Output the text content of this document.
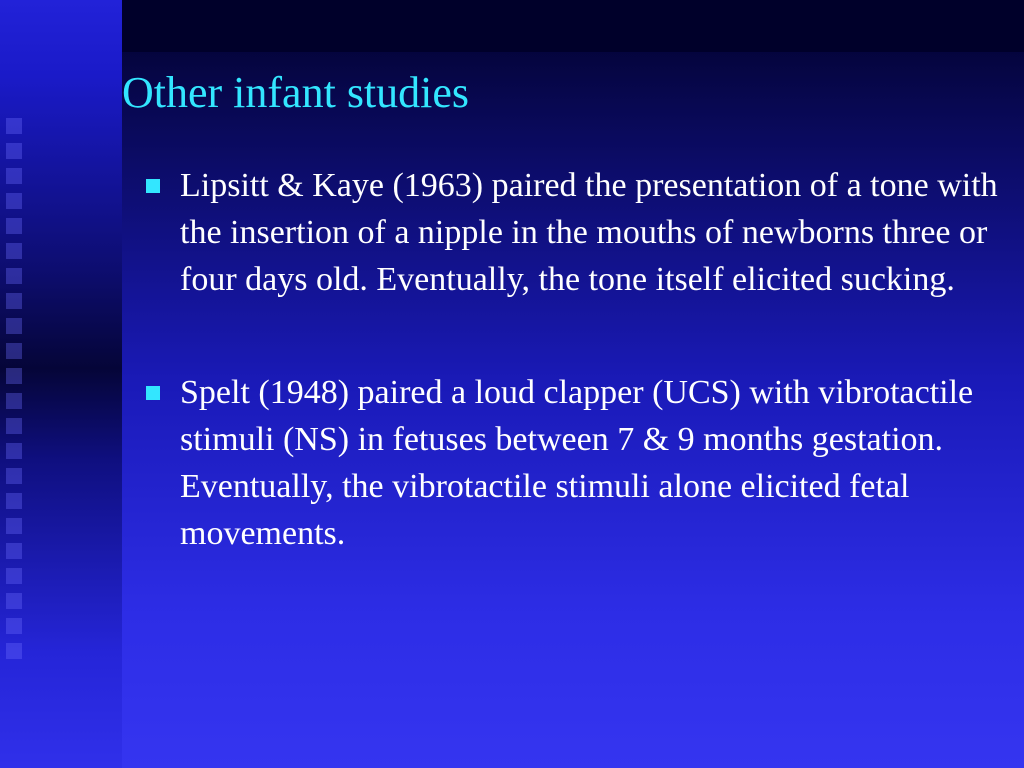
Other infant studies
Lipsitt & Kaye (1963) paired the presentation of a tone with the insertion of a nipple in the mouths of newborns three or four days old. Eventually, the tone itself elicited sucking.
Spelt (1948) paired a loud clapper (UCS) with vibrotactile stimuli (NS) in fetuses between 7 & 9 months gestation. Eventually, the vibrotactile stimuli alone elicited fetal movements.
